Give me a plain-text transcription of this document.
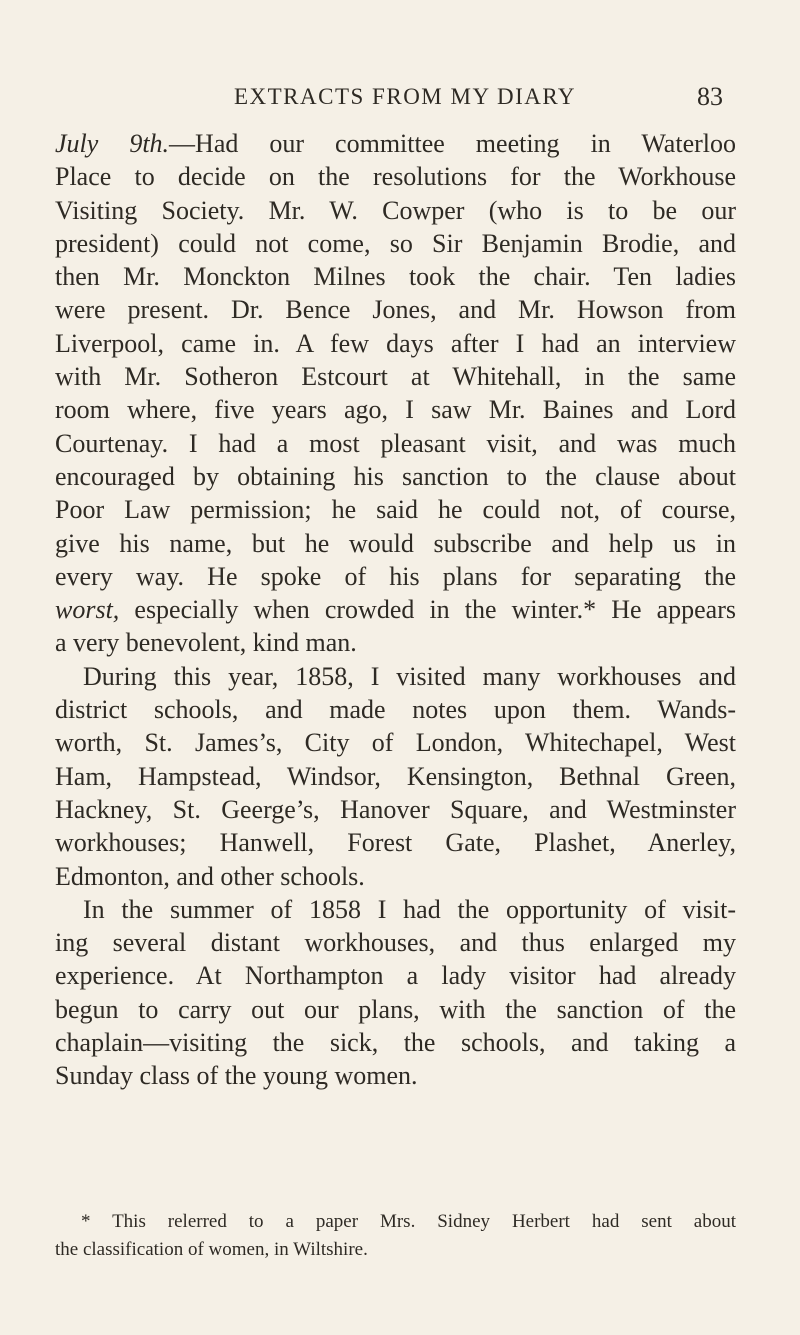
EXTRACTS FROM MY DIARY	83
July 9th.—Had our committee meeting in Waterloo
Place to decide on the resolutions for the Workhouse
Visiting Society. Mr. W. Cowper (who is to be our
president) could not come, so Sir Benjamin Brodie, and
then Mr. Monckton Milnes took the chair. Ten ladies
were present. Dr. Bence Jones, and Mr. Howson from
Liverpool, came in. A few days after I had an interview
with Mr. Sotheron Estcourt at Whitehall, in the same
room where, five years ago, I saw Mr. Baines and Lord
Courtenay. I had a most pleasant visit, and was much
encouraged by obtaining his sanction to the clause about
Poor Law permission; he said he could not, of course,
give his name, but he would subscribe and help us in
every way. He spoke of his plans for separating the
worst, especially when crowded in the winter.* He appears
a very benevolent, kind man.
During this year, 1858, I visited many workhouses and
district schools, and made notes upon them. Wands-
worth, St. James’s, City of London, Whitechapel, West
Ham, Hampstead, Windsor, Kensington, Bethnal Green,
Hackney, St. Geerge’s, Hanover Square, and Westminster
workhouses; Hanwell, Forest Gate, Plashet, Anerley,
Edmonton, and other schools.
In the summer of 1858 I had the opportunity of visit-
ing several distant workhouses, and thus enlarged my
experience. At Northampton a lady visitor had already
begun to carry out our plans, with the sanction of the
chaplain—visiting the sick, the schools, and taking a
Sunday class of the young women.
* This relerred to a paper Mrs. Sidney Herbert had sent about
the classification of women, in Wiltshire.
